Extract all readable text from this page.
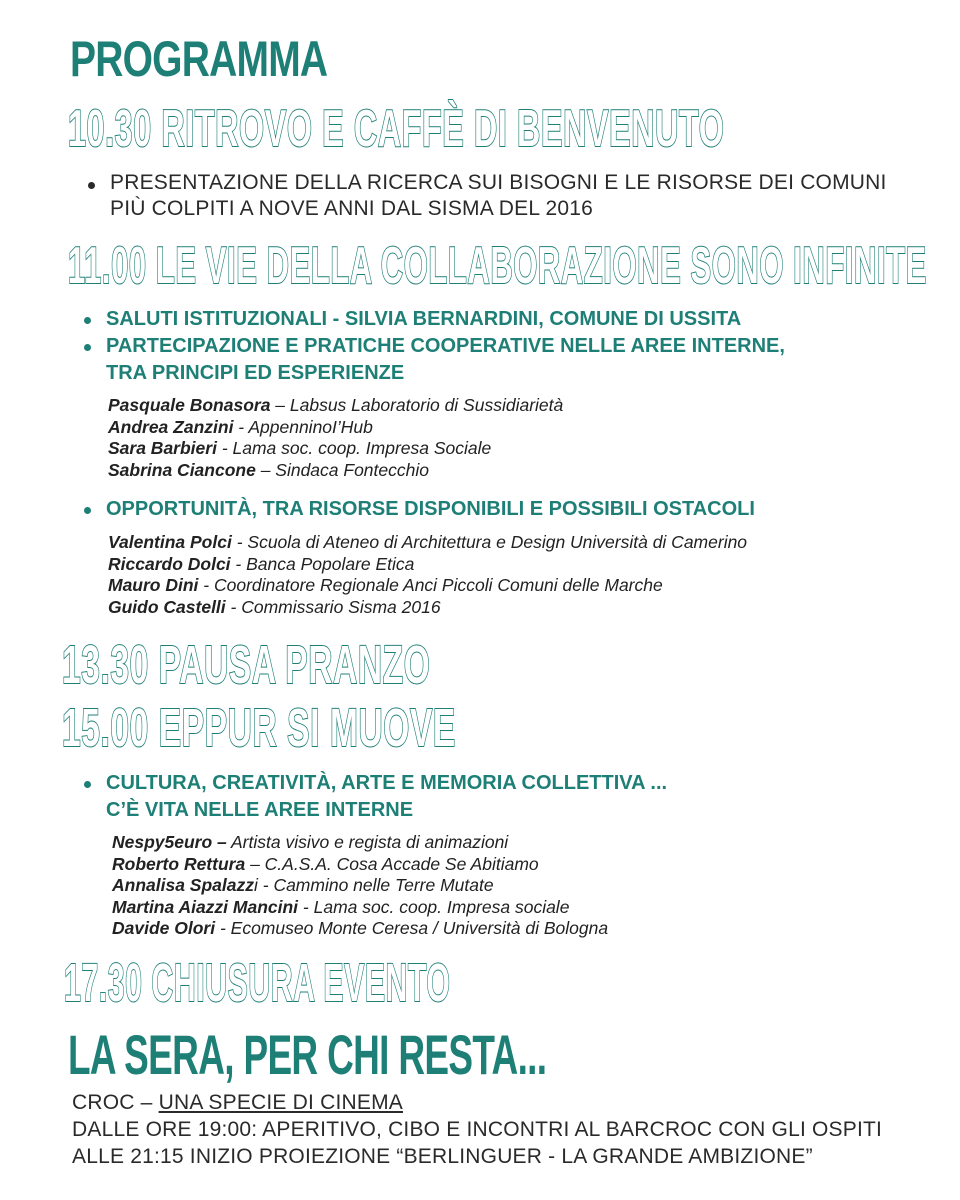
PROGRAMMA
10.30 RITROVO E CAFFÈ DI BENVENUTO
PRESENTAZIONE DELLA RICERCA SUI BISOGNI E LE RISORSE DEI COMUNI PIÙ COLPITI A NOVE ANNI DAL SISMA DEL 2016
11.00 LE VIE DELLA COLLABORAZIONE SONO INFINITE
SALUTI ISTITUZIONALI - SILVIA BERNARDINI, COMUNE DI USSITA
PARTECIPAZIONE E PRATICHE COOPERATIVE NELLE AREE INTERNE,
TRA PRINCIPI ED ESPERIENZE
Pasquale Bonasora – Labsus Laboratorio di Sussidiarietà
Andrea Zanzini - AppenninoI’Hub
Sara Barbieri - Lama soc. coop. Impresa Sociale
Sabrina Ciancone – Sindaca Fontecchio
OPPORTUNITÀ, TRA RISORSE DISPONIBILI E POSSIBILI OSTACOLI
Valentina Polci - Scuola di Ateneo di Architettura e Design Università di Camerino
Riccardo Dolci - Banca Popolare Etica
Mauro Dini - Coordinatore Regionale Anci Piccoli Comuni delle Marche
Guido Castelli - Commissario Sisma 2016
13.30 PAUSA PRANZO
15.00 EPPUR SI MUOVE
CULTURA, CREATIVITÀ, ARTE E MEMORIA COLLETTIVA ...
C’È VITA NELLE AREE INTERNE
Nespy5euro – Artista visivo e regista di animazioni
Roberto Rettura – C.A.S.A. Cosa Accade Se Abitiamo
Annalisa Spalazzi - Cammino nelle Terre Mutate
Martina Aiazzi Mancini - Lama soc. coop. Impresa sociale
Davide Olori - Ecomuseo Monte Ceresa / Università di Bologna
17.30 CHIUSURA EVENTO
LA SERA, PER CHI RESTA...
CROC – UNA SPECIE DI CINEMA
DALLE ORE 19:00: APERITIVO, CIBO E INCONTRI AL BARCROC CON GLI OSPITI
ALLE 21:15 INIZIO PROIEZIONE “BERLINGUER - LA GRANDE AMBIZIONE”
